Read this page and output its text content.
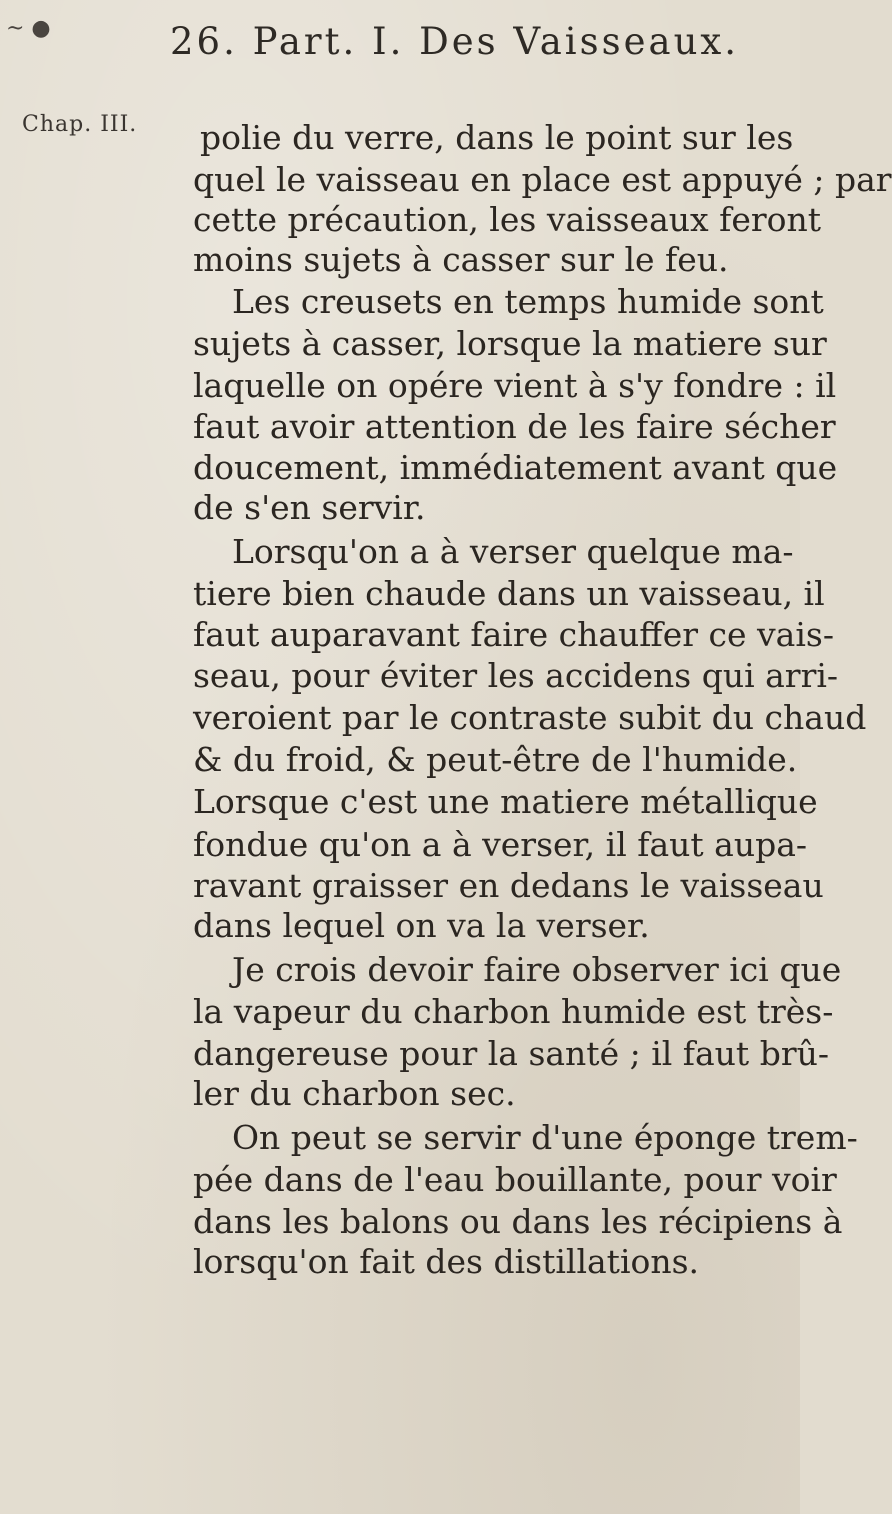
~ ●	26. Part. I. Des Vaisseaux.
Chap. III. polie du verre, dans le point sur les
quel le vaisseau en place est appuyé ; par
cette précaution, les vaisseaux feront
moins sujets à casser sur le feu.
Les creusets en temps humide sont
sujets à casser, lorsque la matiere sur
laquelle on opére vient à s'y fondre : il
faut avoir attention de les faire sécher
doucement, immédiatement avant que
de s'en servir.
Lorsqu'on a à verser quelque ma-
tiere bien chaude dans un vaisseau, il
faut auparavant faire chauffer ce vais-
seau, pour éviter les accidens qui arri-
veroient par le contraste subit du chaud
& du froid, & peut-être de l'humide.
Lorsque c'est une matiere métallique
fondue qu'on a à verser, il faut aupa-
ravant graisser en dedans le vaisseau
dans lequel on va la verser.
Je crois devoir faire observer ici que
la vapeur du charbon humide est très-
dangereuse pour la santé ; il faut brû-
ler du charbon sec.
On peut se servir d'une éponge trem-
pée dans de l'eau bouillante, pour voir
dans les balons ou dans les récipiens à
lorsqu'on fait des distillations.
